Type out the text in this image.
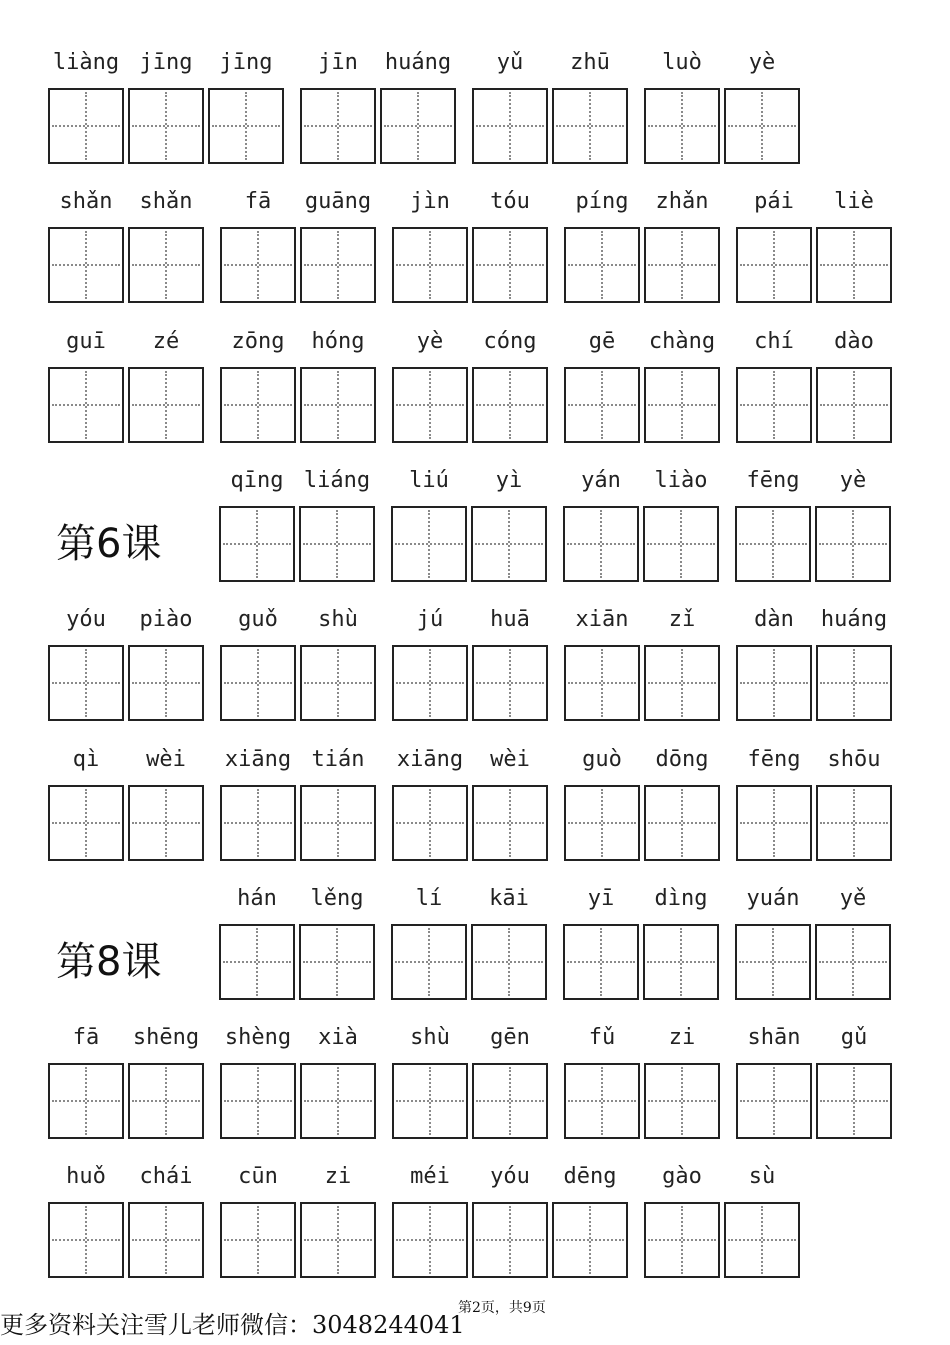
liàng jīng	jīng	jīn	huáng	yǔ	zhū	luò	yè
shǎn	shǎn	fā	guāng	jìn	tóu	píng	zhǎn	pái	liè
guī	zé	zōng	hóng	yè	cóng	gē	chàng	chí	dào
第6课
qīng liáng	liú	yì	yán	liào	fēng	yè
yóu	piào	guǒ	shù	jú	huā	xiān	zǐ	dàn	huáng
qì	wèi	xiāng tián	xiāng	wèi	guò	dōng	fēng	shōu
第8课
hán	lěng	lí	kāi	yī	dìng	yuán	yě
fā	shēng	shèng	xià	shù	gēn	fǔ	zi	shān	gǔ
huǒ	chái	cūn	zi	méi	yóu	dēng	gào	sù
更多资料关注雪儿老师微信：3048244041
第2页，共9页
